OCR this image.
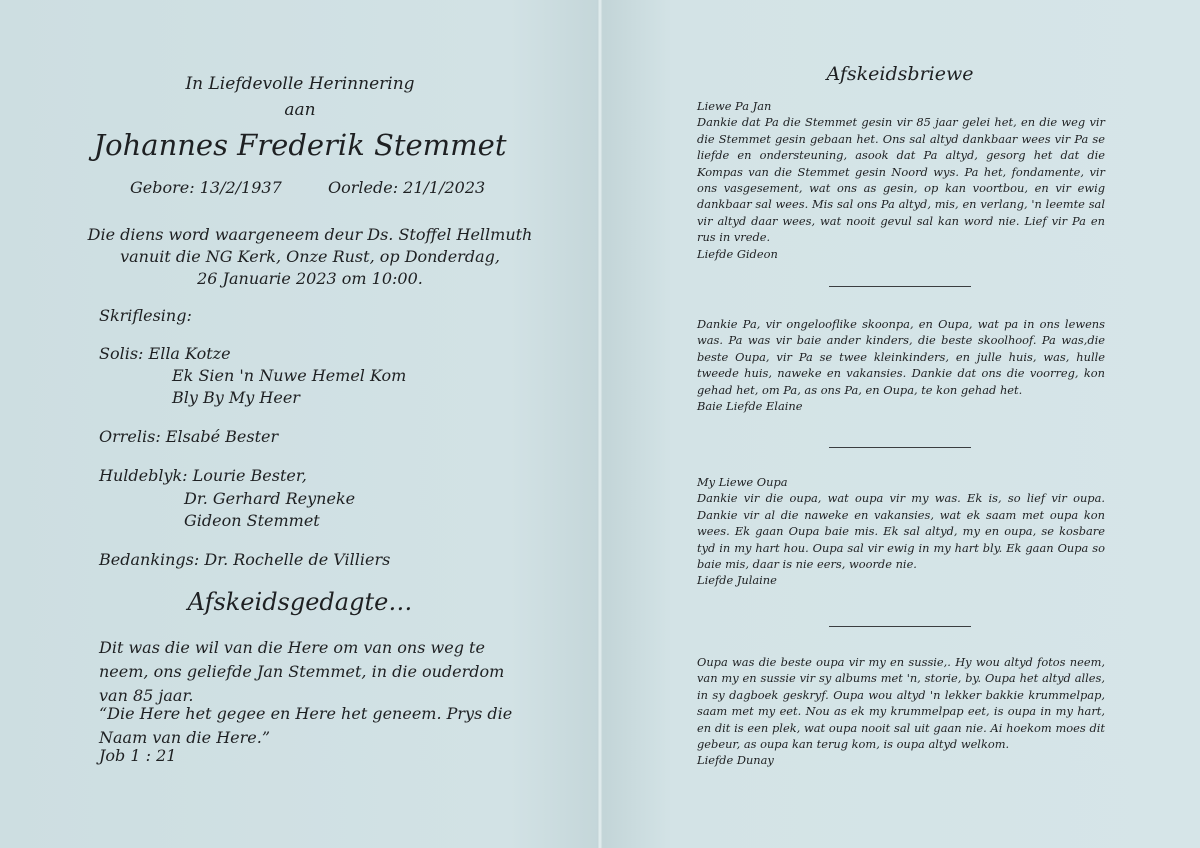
In Liefdevolle Herinnering
aan
Johannes Frederik Stemmet
Gebore: 13/2/1937	Oorlede: 21/1/2023
Die diens word waargeneem deur Ds. Stoffel Hellmuth
vanuit die NG Kerk, Onze Rust, op Donderdag,
26 Januarie 2023 om 10:00.
Skriflesing:
Solis: Ella Kotze
Ek Sien 'n Nuwe Hemel Kom
Bly By My Heer
Orrelis: Elsabé Bester
Huldeblyk: Lourie Bester,
Dr. Gerhard Reyneke
Gideon Stemmet
Bedankings: Dr. Rochelle de Villiers
Afskeidsgedagte…
Dit was die wil van die Here om van ons weg te neem, ons geliefde Jan Stemmet, in die ouderdom van 85 jaar.
“Die Here het gegee en Here het geneem. Prys die Naam van die Here.”
Job 1 : 21
Afskeidsbriewe

Liewe Pa Jan

Dankie dat Pa die Stemmet gesin vir 85 jaar gelei het, en die weg vir die Stemmet gesin gebaan het. Ons sal altyd dankbaar wees vir Pa se liefde en ondersteuning, asook dat Pa altyd, gesorg het dat die Kompas van die Stemmet gesin Noord wys. Pa het, fondamente, vir ons vasgesement, wat ons as gesin, op kan voortbou, en vir ewig dankbaar sal wees. Mis sal ons Pa altyd, mis, en verlang, 'n leemte sal vir altyd daar wees, wat nooit gevul sal kan word nie. Lief vir Pa en rus in vrede.

Liefde Gideon

Dankie Pa, vir ongelooflike skoonpa, en Oupa, wat pa in ons lewens was. Pa was vir baie ander kinders, die beste skoolhoof. Pa was,die beste Oupa, vir Pa se twee kleinkinders, en julle huis, was, hulle tweede huis, naweke en vakansies. Dankie dat ons die voorreg, kon gehad het, om Pa, as ons Pa, en Oupa, te kon gehad het.

Baie Liefde Elaine

My Liewe Oupa

Dankie vir die oupa, wat oupa vir my was. Ek is, so lief vir oupa. Dankie vir al die naweke en vakansies, wat ek saam met oupa kon wees. Ek gaan Oupa baie mis. Ek sal altyd, my en oupa, se kosbare tyd in my hart hou. Oupa sal vir ewig in my hart bly. Ek gaan Oupa so baie mis, daar is nie eers, woorde nie.

Liefde Julaine

Oupa was die beste oupa vir my en sussie,. Hy wou altyd fotos neem, van my en sussie vir sy albums met 'n, storie, by. Oupa het altyd alles, in sy dagboek geskryf. Oupa wou altyd 'n lekker bakkie krummelpap, saam met my eet. Nou as ek my krummelpap eet, is oupa in my hart, en dit is een plek, wat oupa nooit sal uit gaan nie. Ai hoekom moes dit gebeur, as oupa kan terug kom, is oupa altyd welkom.

Liefde Dunay
